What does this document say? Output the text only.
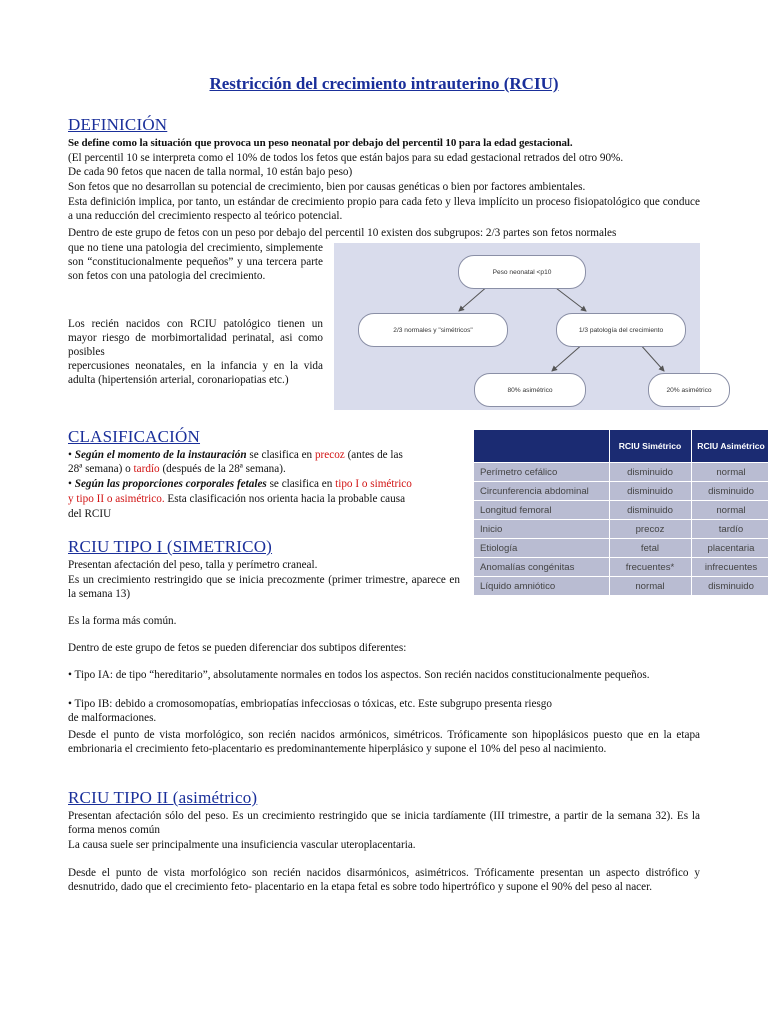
Restricción del crecimiento intrauterino (RCIU)
DEFINICIÓN
Se define como la situación que provoca un peso neonatal por debajo del percentil 10 para la edad gestacional.
(El percentil 10 se interpreta como el 10% de todos los fetos que están bajos para su edad gestacional retrados del otro 90%.
De cada 90 fetos que nacen de talla normal, 10 están bajo peso)
Son fetos que no desarrollan su potencial de crecimiento, bien por causas genéticas o bien por factores ambientales.
Esta definición implica, por tanto, un estándar de crecimiento propio para cada feto y lleva implícito un proceso fisiopatológico que conduce a una reducción del crecimiento respecto al teórico potencial.
Dentro de este grupo de fetos con un peso por debajo del percentil 10 existen dos subgrupos: 2/3 partes son fetos normales
que no tiene una patologia del crecimiento, simplemente son “constitucionalmente pequeños” y una tercera parte son fetos con una patologia del crecimiento.
Los recién nacidos con RCIU patológico tienen un mayor riesgo de morbimortalidad perinatal, asi como posibles
repercusiones neonatales, en la infancia y en la vida adulta (hipertensión arterial, coronariopatias etc.)
Peso neonatal <p10
2/3 normales y "simétricos"	1/3 patología del crecimiento
80% asimétrico	20% asimétrico
CLASIFICACIÓN
• Según el momento de la instauración se clasifica en precoz (antes de las
28ª semana) o tardío (después de la 28ª semana).
• Según las proporciones corporales fetales se clasifica en tipo I o simétrico
y tipo II o asimétrico. Esta clasificación nos orienta hacia la probable causa
del RCIU
	RCIU Simétrico	RCIU Asimétrico
Perímetro cefálico	disminuido	normal
Circunferencia abdominal	disminuido	disminuido
Longitud femoral	disminuido	normal
Inicio	precoz	tardío
Etiología	fetal	placentaria
Anomalías congénitas	frecuentes*	infrecuentes
Líquido amniótico	normal	disminuido
RCIU TIPO I (SIMETRICO)
Presentan afectación del peso, talla y perímetro craneal.
Es un crecimiento restringido que se inicia precozmente (primer trimestre, aparece en la semana 13)
Es la forma más común.
Dentro de este grupo de fetos se pueden diferenciar dos subtipos diferentes:
• Tipo IA: de tipo “hereditario”, absolutamente normales en todos los aspectos. Son recién nacidos constitucionalmente pequeños.
• Tipo IB: debido a cromosomopatías, embriopatías infecciosas o tóxicas, etc. Este subgrupo presenta riesgo
de malformaciones.
Desde el punto de vista morfológico, son recién nacidos armónicos, simétricos. Tróficamente son hipoplásicos puesto que en la etapa embrionaria el crecimiento feto-placentario es predominantemente hiperplásico y supone el 10% del peso al nacimiento.
RCIU TIPO II (asimétrico)
Presentan afectación sólo del peso. Es un crecimiento restringido que se inicia tardíamente (III trimestre, a partir de la semana 32). Es la forma menos común
La causa suele ser principalmente una insuficiencia vascular uteroplacentaria.
Desde el punto de vista morfológico son recién nacidos disarmónicos, asimétricos. Tróficamente presentan un aspecto distrófico y desnutrido, dado que el crecimiento feto- placentario en la etapa fetal es sobre todo hipertrófico y supone el 90% del peso al nacer.
